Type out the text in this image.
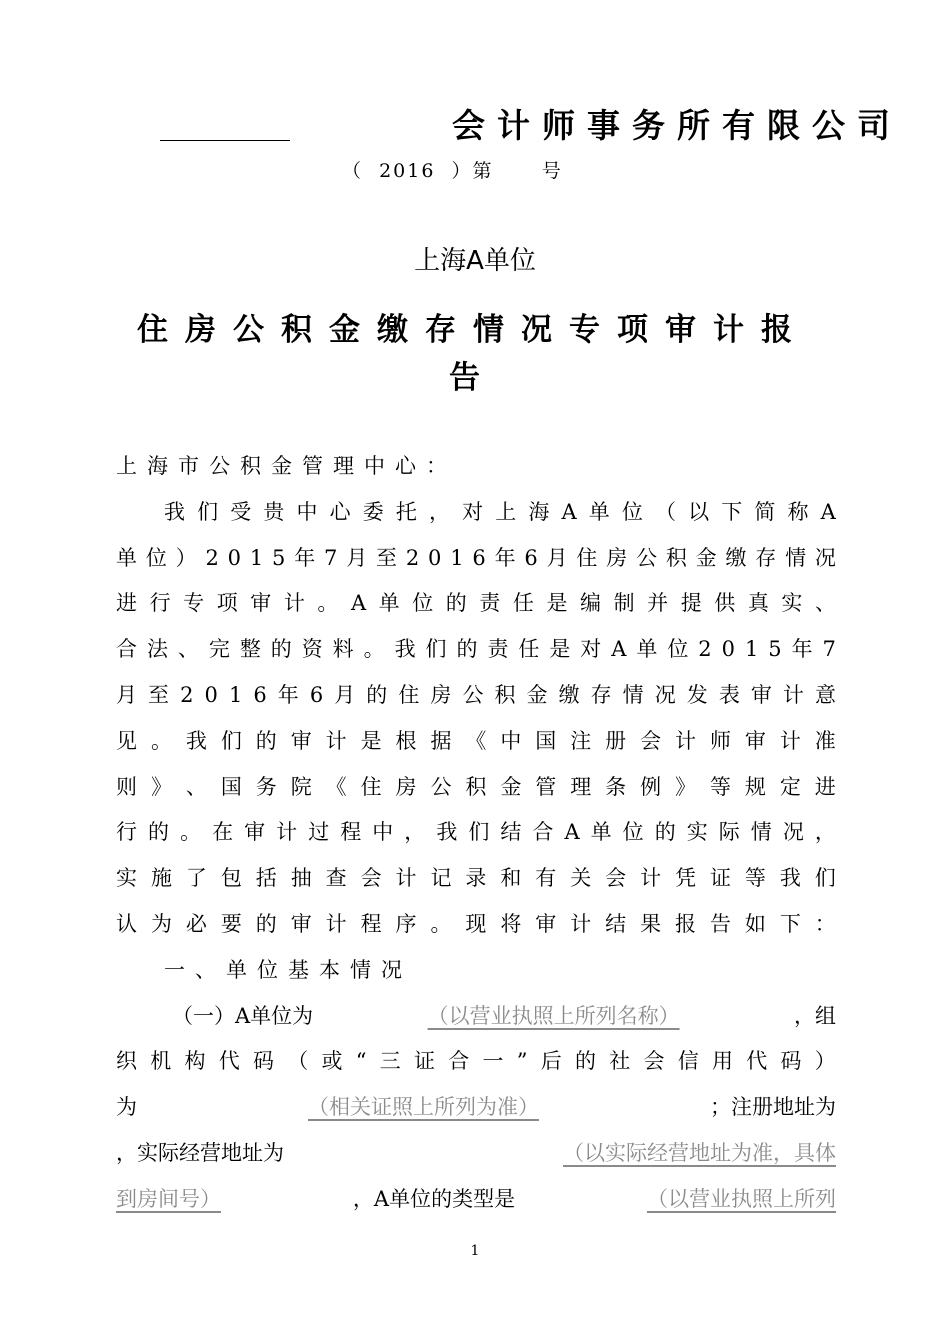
会计师事务所有限公司
（  2016  ）第      号
上海A单位
住房公积金缴存情况专项审计报告
上海市公积金管理中心：
我 们 受 贵 中 心 委 托 ， 对 上 海 A 单 位 （ 以 下 简 称 A
单 位 ） 2 0 1 5 年 7 月 至 2 0 1 6 年 6 月 住 房 公 积 金 缴 存 情 况
进 行 专 项 审 计 。 A 单 位 的 责 任 是 编 制 并 提 供 真 实 、
合 法 、 完 整 的 资 料 。 我 们 的 责 任 是 对 A 单 位 2 0 1 5 年 7
月 至 2 0 1 6 年 6 月 的 住 房 公 积 金 缴 存 情 况 发 表 审 计 意
见 。 我 们 的 审 计 是 根 据 《 中 国 注 册 会 计 师 审 计 准
则 》 、 国 务 院 《 住 房 公 积 金 管 理 条 例 》 等 规 定 进
行 的 。 在 审 计 过 程 中 ， 我 们 结 合 A 单 位 的 实 际 情 况 ，
实 施 了 包 括 抽 查 会 计 记 录 和 有 关 会 计 凭 证 等 我 们
认 为 必 要 的 审 计 程 序 。 现 将 审 计 结 果 报 告 如 下 ：
一、单位基本情况
（一）A单位为	（以营业执照上所列名称）	，组
织 机 构 代 码 （ 或 “ 三 证 合 一 ” 后 的 社 会 信 用 代 码 ）
为	（相关证照上所列为准）	；注册地址为
，实际经营地址为	（以实际经营地址为准，具体
到房间号）	，A单位的类型是	（以营业执照上所列
1
